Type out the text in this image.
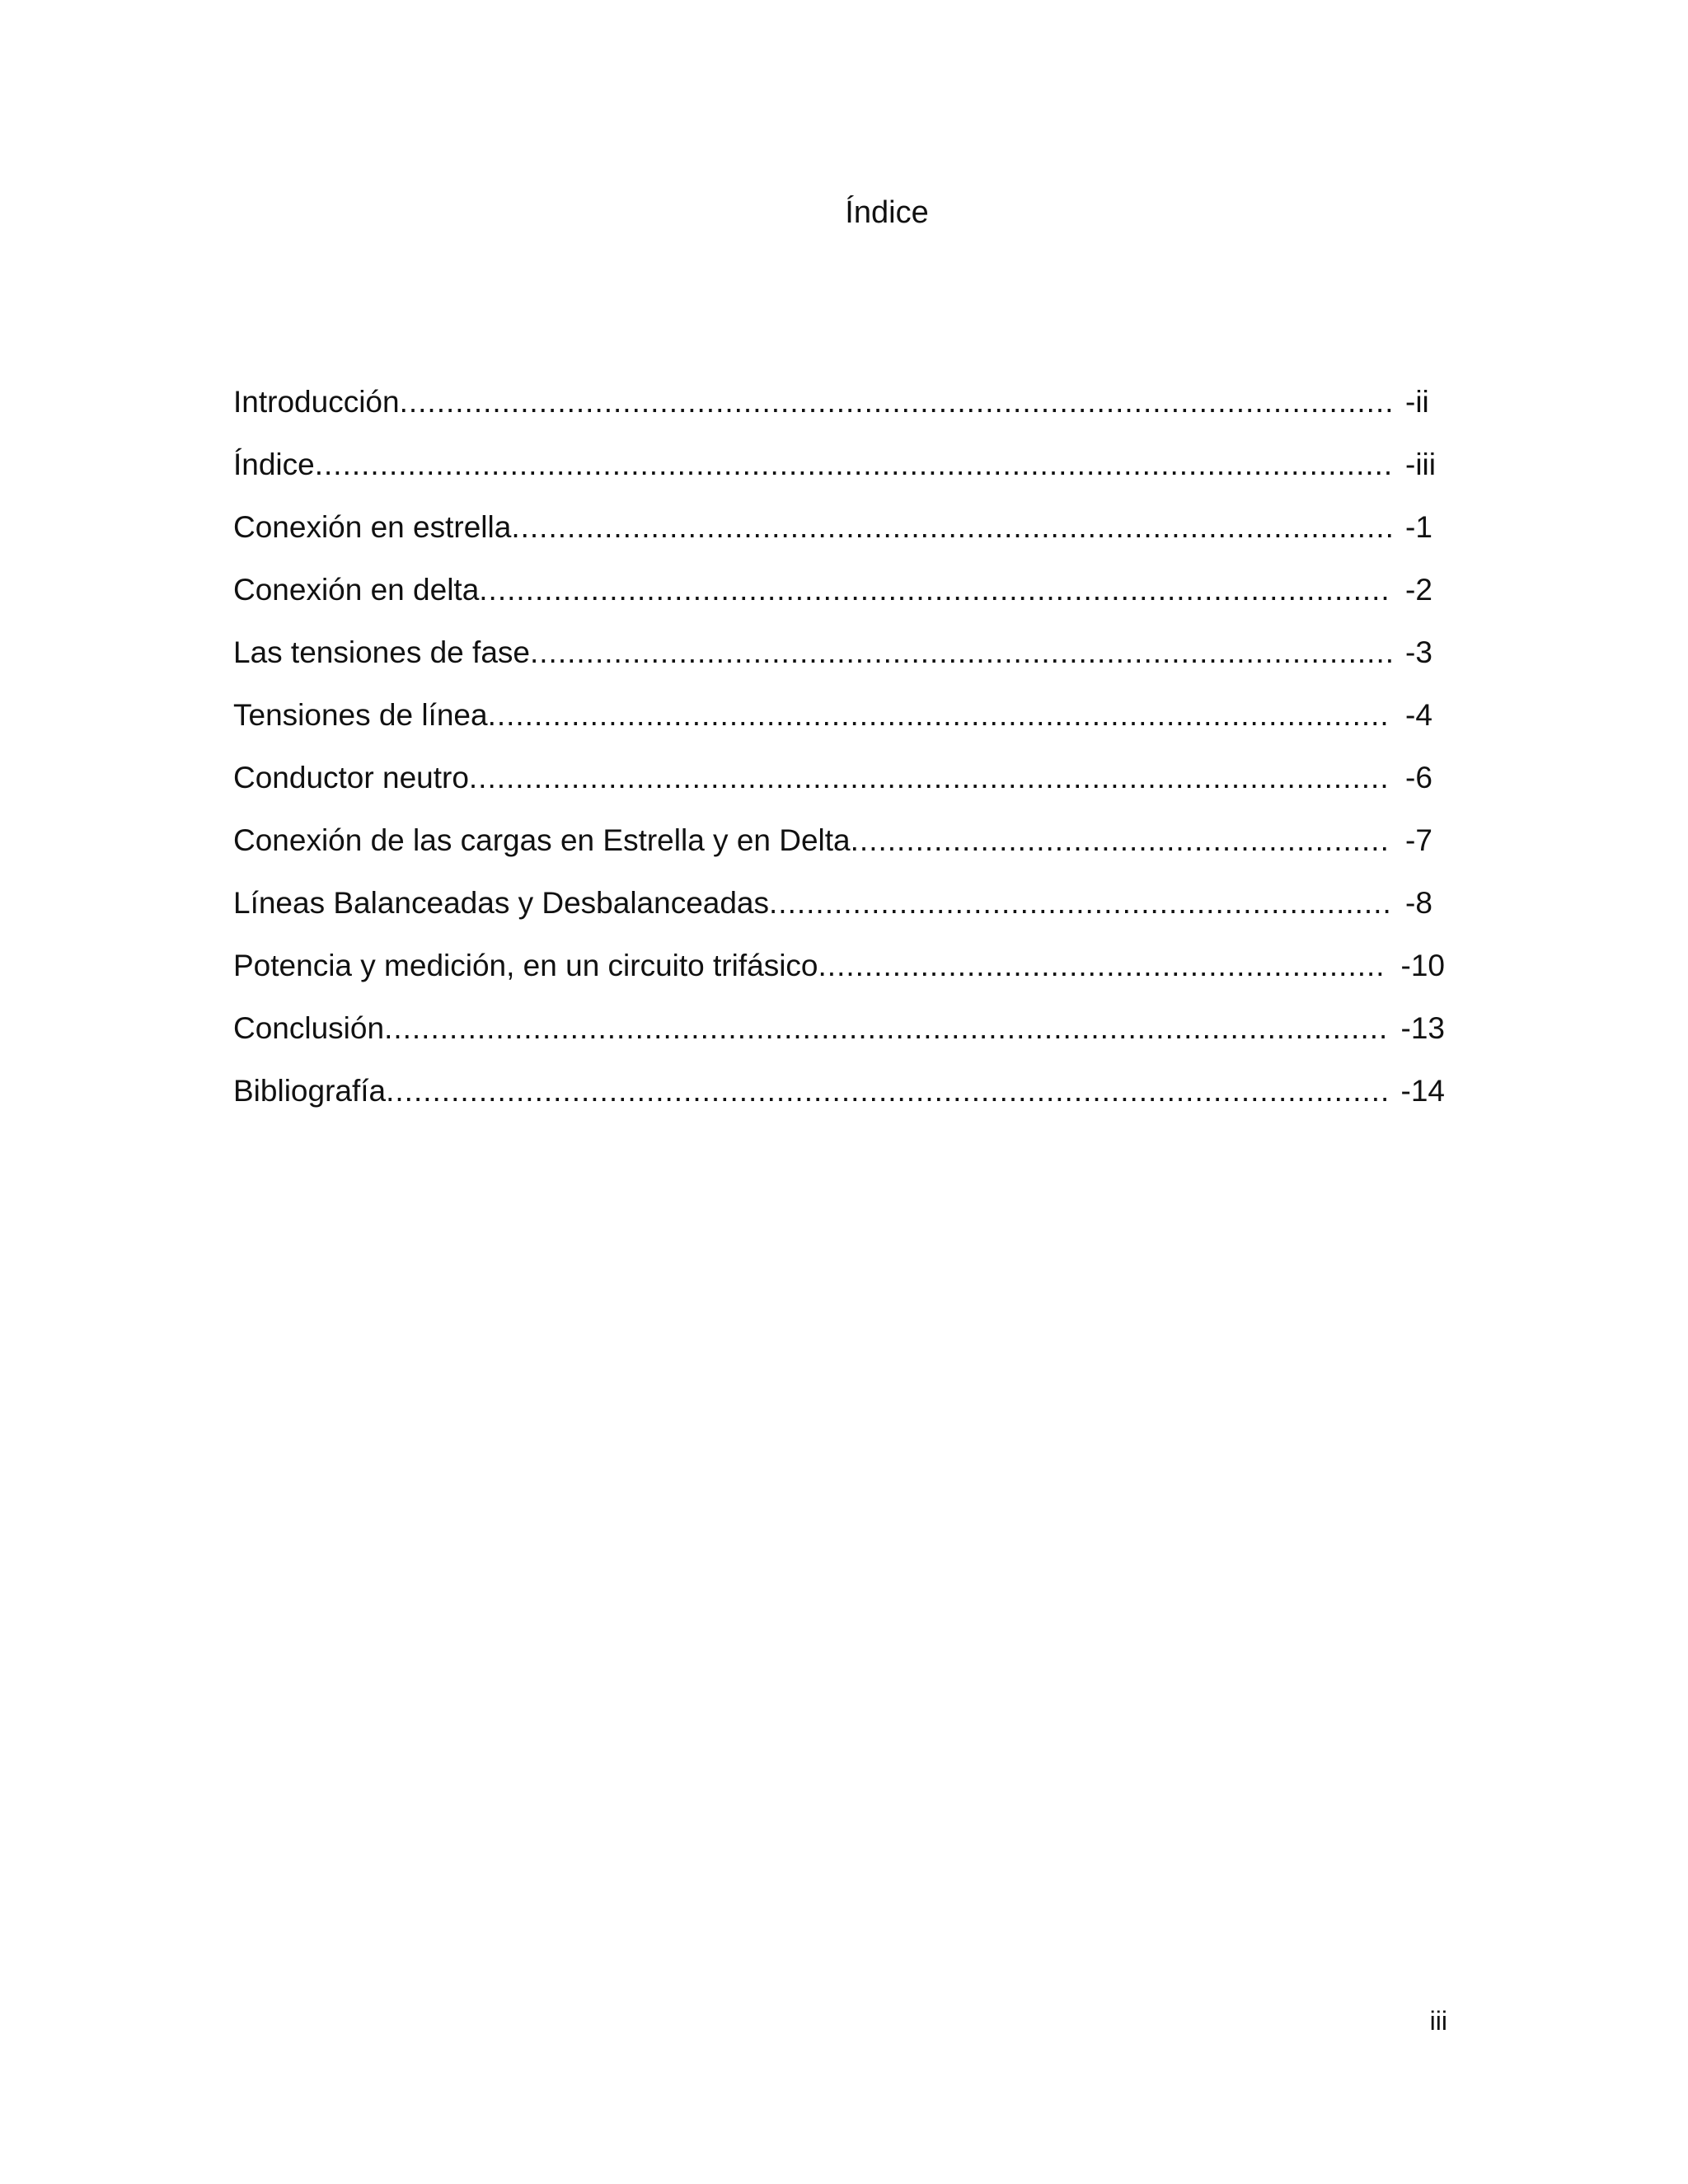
Índice
Introducción .....	-ii
Índice .....	-iii
Conexión en estrella .....	-1
Conexión en delta .....	-2
Las tensiones de fase .....	-3
Tensiones de línea .....	-4
Conductor neutro .....	-6
Conexión de las cargas en Estrella y en Delta .....	-7
Líneas Balanceadas y Desbalanceadas .....	-8
Potencia y medición, en un circuito trifásico .....	-10
Conclusión .....	-13
Bibliografía .....	-14
iii
